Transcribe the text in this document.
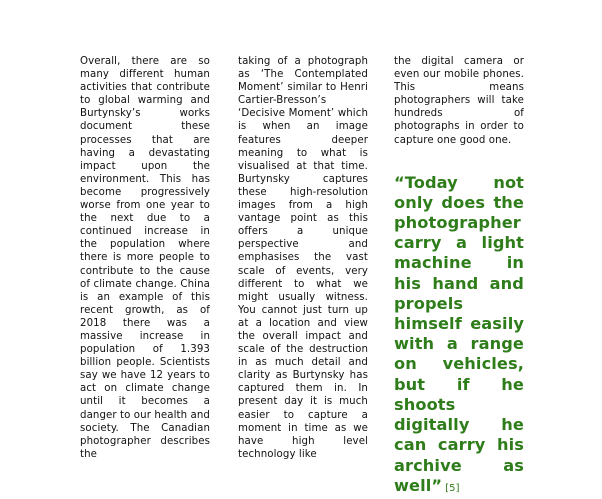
Overall, there are so many different human activities that contribute to global warming and Burtynsky’s works document these processes that are having a devastating impact upon the environment. This has become progressively worse from one year to the next due to a continued increase in the population where there is more people to contribute to the cause of climate change. China is an example of this recent growth, as of 2018 there was a massive increase in population of 1.393 billion people. Scientists say we have 12 years to act on climate change until it becomes a danger to our health and society. The Canadian photographer describes the

taking of a photograph as ‘The Contemplated Moment’ similar to Henri Cartier-Bresson’s ‘Decisive Moment’ which is when an image features deeper meaning to what is visualised at that time. Burtynsky captures these high-resolution images from a high vantage point as this offers a unique perspective and emphasises the vast scale of events, very different to what we might usually witness. You cannot just turn up at a location and view the overall impact and scale of the destruction in as much detail and clarity as Burtynsky has captured them in. In present day it is much easier to capture a moment in time as we have high level technology like

the digital camera or even our mobile phones. This means photographers will take hundreds of photographs in order to capture one good one.

“Today not only does the photographer carry a light machine in his hand and propels himself easily with a range on vehicles, but if he shoots digitally he can carry his archive as well” [5]
